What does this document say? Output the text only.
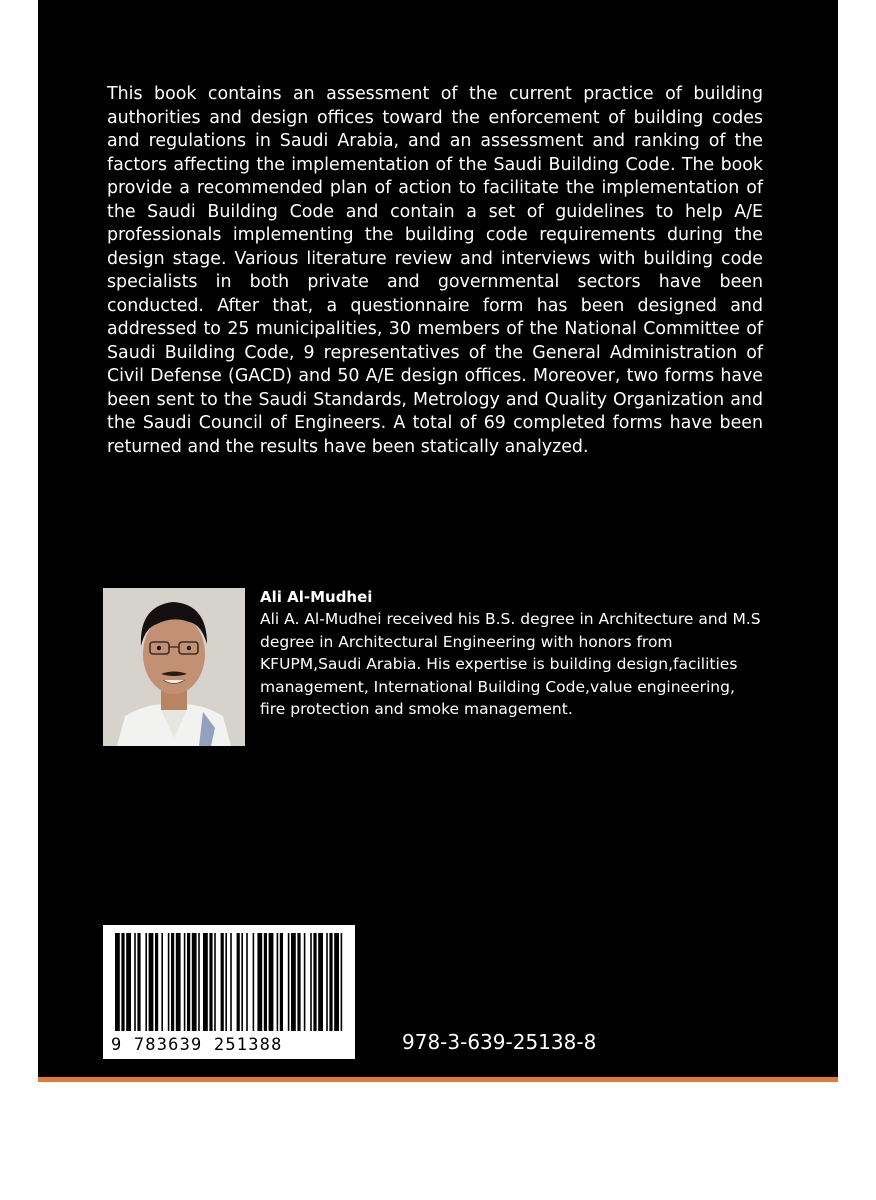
This book contains an assessment of the current practice of building authorities and design offices toward the enforcement of building codes and regulations in Saudi Arabia, and an assessment and ranking of the factors affecting the implementation of the Saudi Building Code. The book provide a recommended plan of action to facilitate the implementation of the Saudi Building Code and contain a set of guidelines to help A/E professionals implementing the building code requirements during the design stage. Various literature review and interviews with building code specialists in both private and governmental sectors have been conducted. After that, a questionnaire form has been designed and addressed to 25 municipalities, 30 members of the National Committee of Saudi Building Code, 9 representatives of the General Administration of Civil Defense (GACD) and 50 A/E design offices. Moreover, two forms have been sent to the Saudi Standards, Metrology and Quality Organization and the Saudi Council of Engineers. A total of 69 completed forms have been returned and the results have been statically analyzed.

Ali Al-Mudhei

Ali A. Al-Mudhei received his B.S. degree in Architecture and M.S degree in Architectural Engineering with honors from KFUPM,Saudi Arabia. His expertise is building design,facilities management, International Building Code,value engineering, fire protection and smoke management.

9 783639 251388	978-3-639-25138-8
